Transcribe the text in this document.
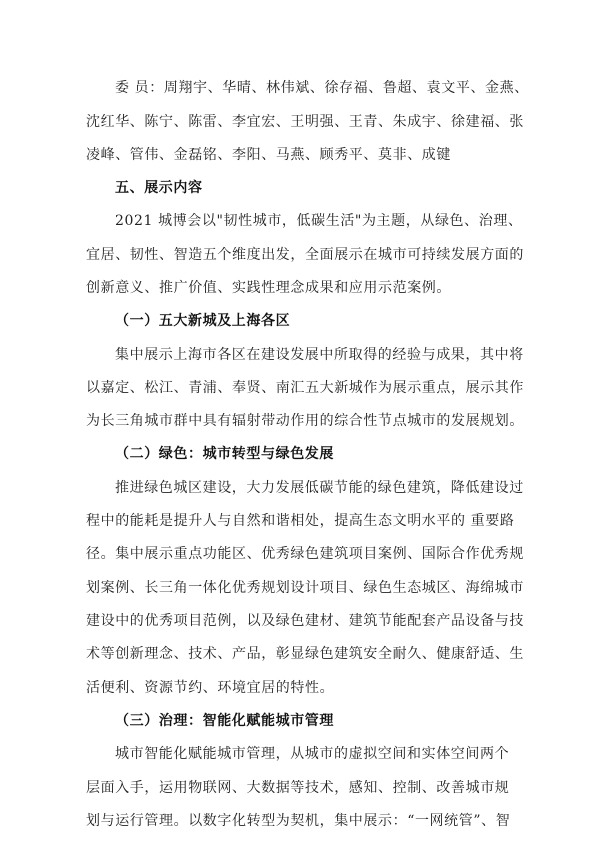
委 员：周翔宇、华晴、林伟斌、徐存福、鲁超、袁文平、金燕、

沈红华、陈宁、陈雷、李宜宏、王明强、王青、朱成宇、徐建福、张

凌峰、管伟、金磊铭、李阳、马燕、顾秀平、莫非、成键

五、展示内容

2021 城博会以"韧性城市，低碳生活"为主题，从绿色、治理、

宜居、韧性、智造五个维度出发，全面展示在城市可持续发展方面的

创新意义、推广价值、实践性理念成果和应用示范案例。

（一）五大新城及上海各区

集中展示上海市各区在建设发展中所取得的经验与成果，其中将

以嘉定、松江、青浦、奉贤、南汇五大新城作为展示重点，展示其作

为长三角城市群中具有辐射带动作用的综合性节点城市的发展规划。

（二）绿色：城市转型与绿色发展

推进绿色城区建设，大力发展低碳节能的绿色建筑，降低建设过

程中的能耗是提升人与自然和谐相处，提高生态文明水平的 重要路

径。集中展示重点功能区、优秀绿色建筑项目案例、国际合作优秀规

划案例、长三角一体化优秀规划设计项目、绿色生态城区、海绵城市

建设中的优秀项目范例，以及绿色建材、建筑节能配套产品设备与技

术等创新理念、技术、产品，彰显绿色建筑安全耐久、健康舒适、生

活便利、资源节约、环境宜居的特性。

（三）治理：智能化赋能城市管理

城市智能化赋能城市管理，从城市的虚拟空间和实体空间两个

层面入手，运用物联网、大数据等技术，感知、控制、改善城市规

划与运行管理。以数字化转型为契机，集中展示：“一网统管”、智
